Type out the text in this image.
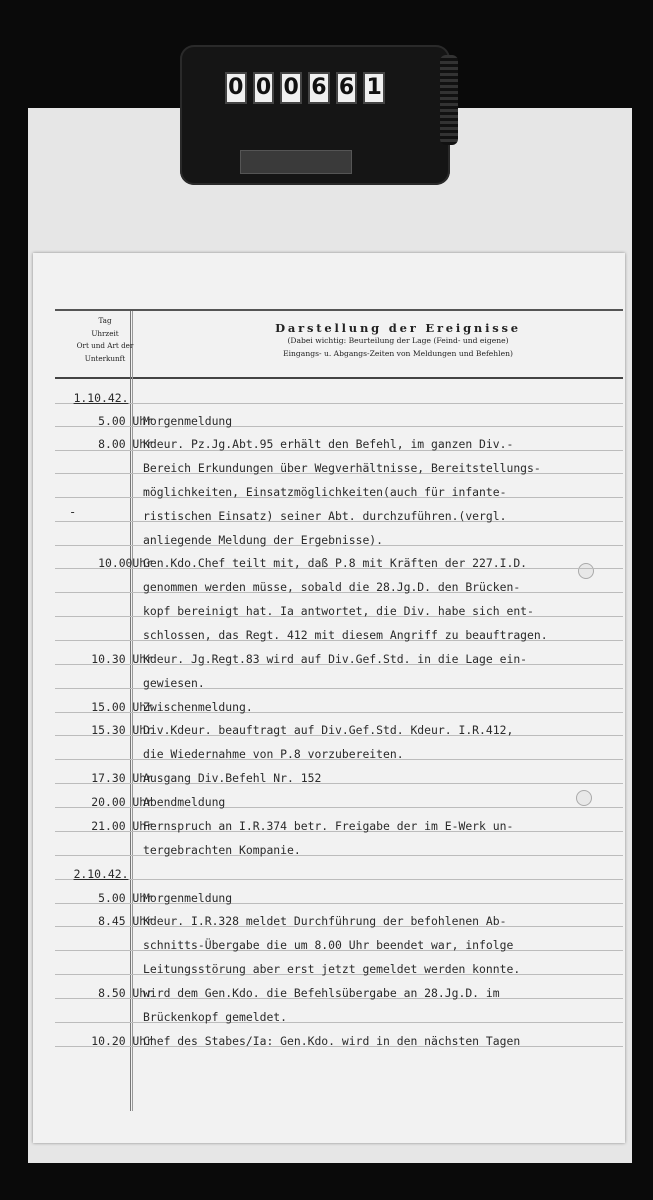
0 0 0 6 6 1
Tag
Uhrzeit
Ort und Art der
Unterkunft
Darstellung der Ereignisse
(Dabei wichtig: Beurteilung der Lage (Feind- und eigene)
Eingangs- u. Abgangs-Zeiten von Meldungen und Befehlen)
-
1.10.42.
5.00 Uhr
Morgenmeldung
8.00 Uhr
Kdeur. Pz.Jg.Abt.95 erhält den Befehl, im ganzen Div.-
Bereich Erkundungen über Wegverhältnisse, Bereitstellungs-
möglichkeiten, Einsatzmöglichkeiten(auch für infante-
ristischen Einsatz) seiner Abt. durchzuführen.(vergl.
anliegende Meldung der Ergebnisse).
10.00Uhr
Gen.Kdo.Chef teilt mit, daß P.8 mit Kräften der 227.I.D.
genommen werden müsse, sobald die 28.Jg.D. den Brücken-
kopf bereinigt hat. Ia antwortet, die Div. habe sich ent-
schlossen, das Regt. 412 mit diesem Angriff zu beauftragen.
10.30 Uhr
Kdeur. Jg.Regt.83 wird auf Div.Gef.Std. in die Lage ein-
gewiesen.
15.00 Uhr
Zwischenmeldung.
15.30 Uhr
Div.Kdeur. beauftragt auf Div.Gef.Std. Kdeur. I.R.412,
die Wiedernahme von P.8 vorzubereiten.
17.30 Uhr
Ausgang Div.Befehl Nr. 152
20.00 Uhr
Abendmeldung
21.00 Uhr
Fernspruch an I.R.374 betr. Freigabe der im E-Werk un-
tergebrachten Kompanie.
2.10.42.
5.00 Uhr
Morgenmeldung
8.45 Uhr
Kdeur. I.R.328 meldet Durchführung der befohlenen Ab-
schnitts-Übergabe die um 8.00 Uhr beendet war, infolge
Leitungsstörung aber erst jetzt gemeldet werden konnte.
8.50 Uhr
wird dem Gen.Kdo. die Befehlsübergabe an 28.Jg.D. im
Brückenkopf gemeldet.
10.20 Uhr
Chef des Stabes/Ia: Gen.Kdo. wird in den nächsten Tagen
